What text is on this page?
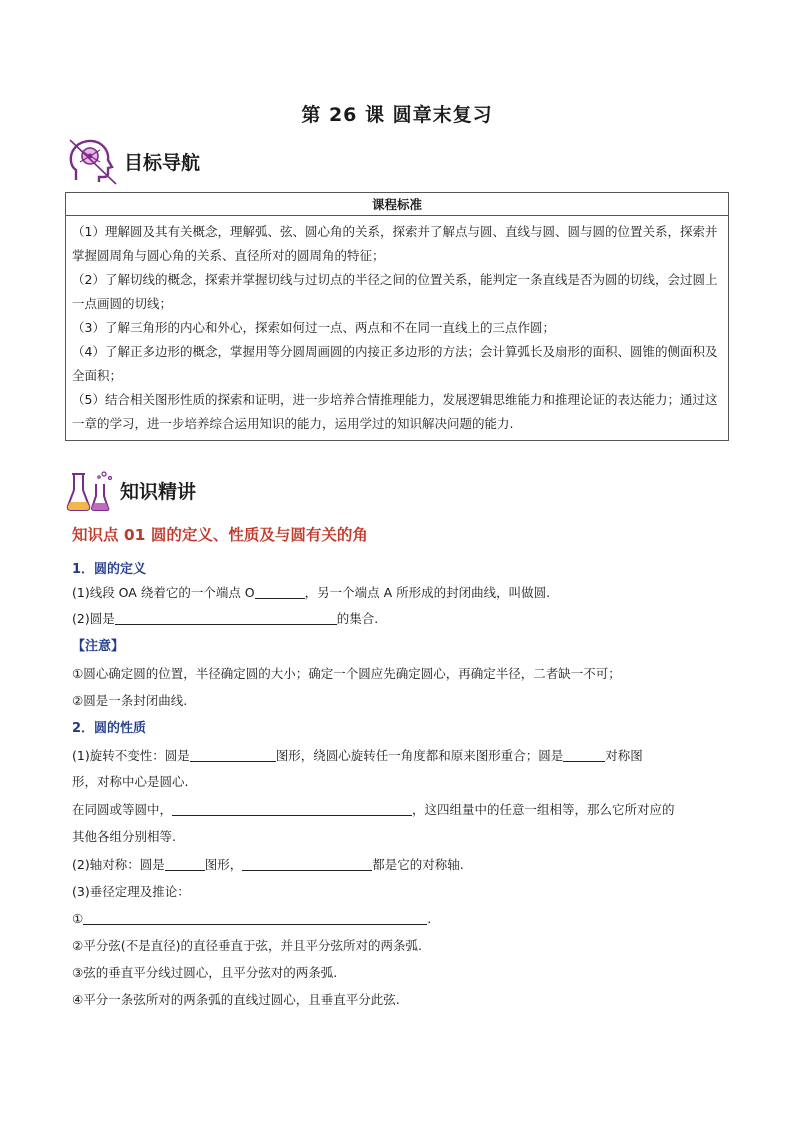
第 26 课 圆章末复习
目标导航
课程标准

（1）理解圆及其有关概念，理解弧、弦、圆心角的关系，探索并了解点与圆、直线与圆、圆与圆的位置关系，探索并掌握圆周角与圆心角的关系、直径所对的圆周角的特征；
（2）了解切线的概念，探索并掌握切线与过切点的半径之间的位置关系，能判定一条直线是否为圆的切线，会过圆上一点画圆的切线；
（3）了解三角形的内心和外心，探索如何过一点、两点和不在同一直线上的三点作圆；
（4）了解正多边形的概念，掌握用等分圆周画圆的内接正多边形的方法；会计算弧长及扇形的面积、圆锥的侧面积及全面积；
（5）结合相关图形性质的探索和证明，进一步培养合情推理能力，发展逻辑思维能力和推理论证的表达能力；通过这一章的学习，进一步培养综合运用知识的能力，运用学过的知识解决问题的能力.
知识精讲
知识点 01 圆的定义、性质及与圆有关的角
1．圆的定义
(1)线段 OA 绕着它的一个端点 O	，另一个端点 A 所形成的封闭曲线，叫做圆.
(2)圆是	的集合.
【注意】
①圆心确定圆的位置，半径确定圆的大小；确定一个圆应先确定圆心，再确定半径，二者缺一不可；
②圆是一条封闭曲线.
2．圆的性质
(1)旋转不变性：圆是	图形，绕圆心旋转任一角度都和原来图形重合；圆是	对称图
形，对称中心是圆心.
在同圆或等圆中，	，这四组量中的任意一组相等，那么它所对应的
其他各组分别相等.
(2)轴对称：圆是	图形，	都是它的对称轴.
(3)垂径定理及推论：
①	.
②平分弦(不是直径)的直径垂直于弦，并且平分弦所对的两条弧.
③弦的垂直平分线过圆心，且平分弦对的两条弧.
④平分一条弦所对的两条弧的直线过圆心，且垂直平分此弦.
